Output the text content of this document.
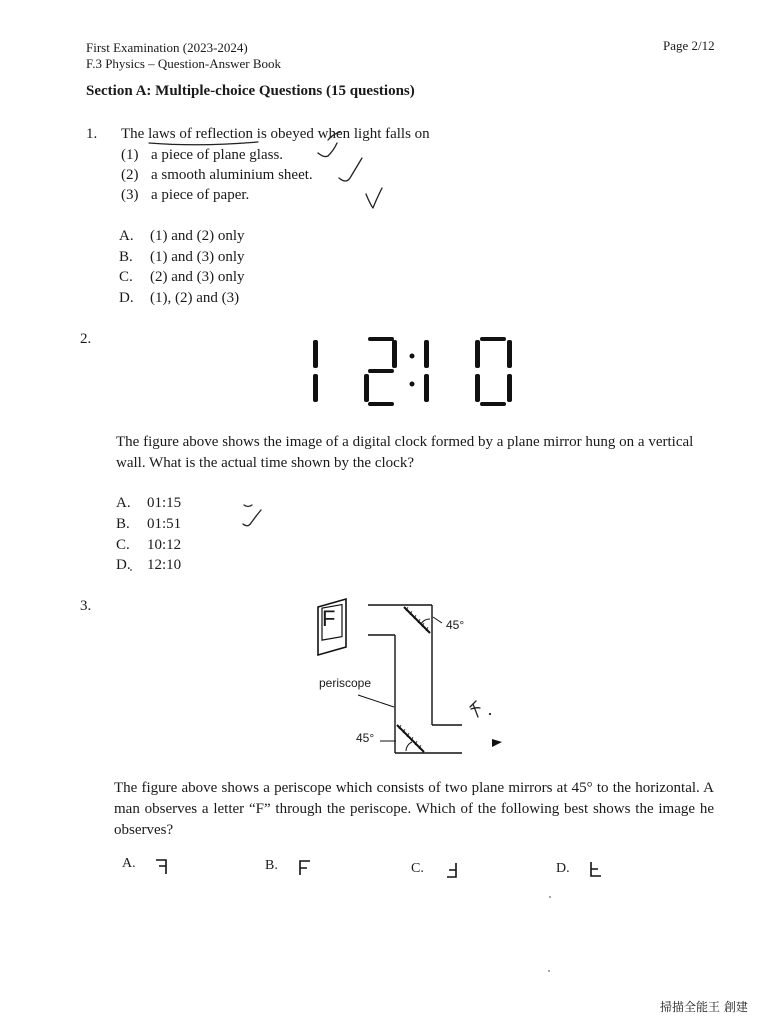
First Examination (2023-2024)
F.3 Physics – Question-Answer Book
Page 2/12
Section A: Multiple-choice Questions (15 questions)
1. The laws of reflection is obeyed when light falls on
(1) a piece of plane glass.
(2) a smooth aluminium sheet.
(3) a piece of paper.
A. (1) and (2) only
B. (1) and (3) only
C. (2) and (3) only
D. (1), (2) and (3)
2.
The figure above shows the image of a digital clock formed by a plane mirror hung on a vertical wall. What is the actual time shown by the clock?
A. 01:15
B. 01:51
C. 10:12
D. 12:10
3.	F	45°
periscope
45°
The figure above shows a periscope which consists of two plane mirrors at 45° to the horizontal. A man observes a letter “F” through the periscope. Which of the following best shows the image he observes?
A.	B.	C.	D.
掃描全能王 創建
